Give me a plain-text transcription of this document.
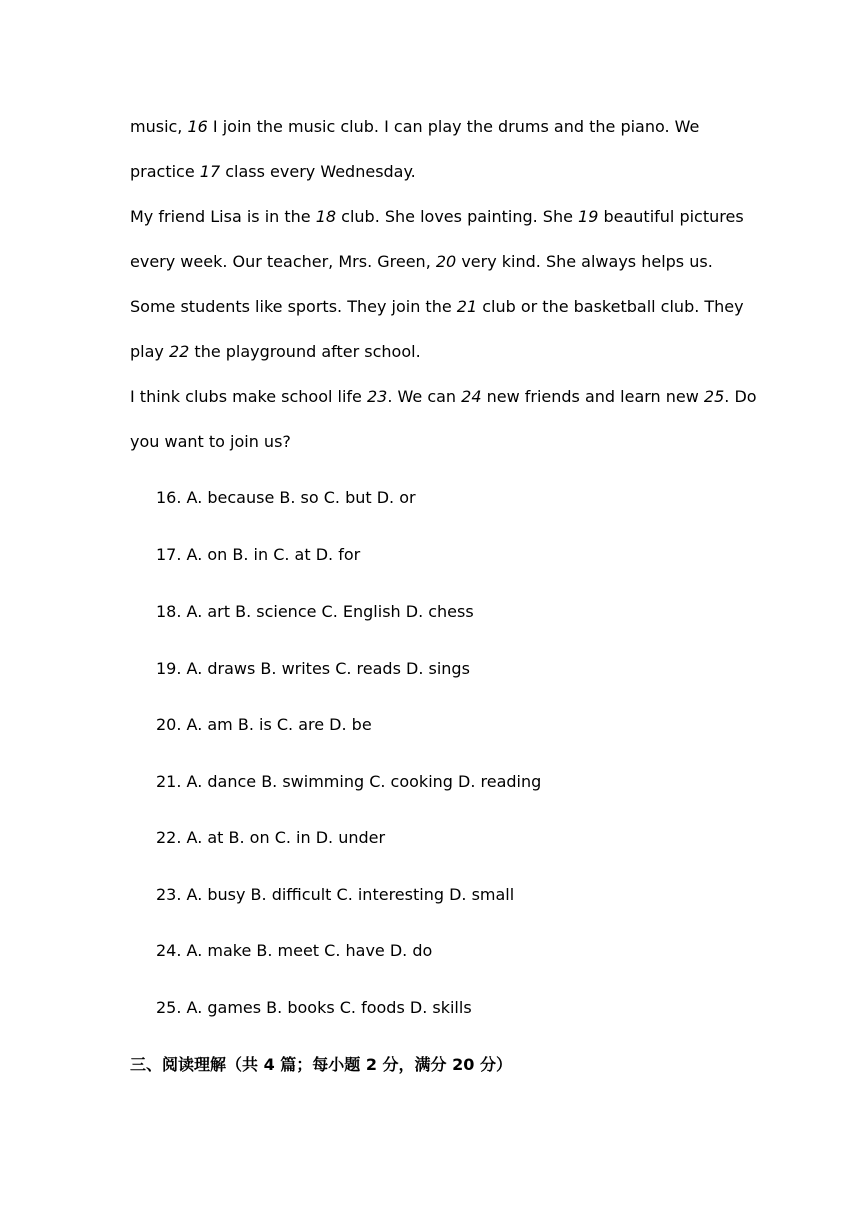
music, 16 I join the music club. I can play the drums and the piano. We
practice 17 class every Wednesday.
My friend Lisa is in the 18 club. She loves painting. She 19 beautiful pictures
every week. Our teacher, Mrs. Green, 20 very kind. She always helps us.
Some students like sports. They join the 21 club or the basketball club. They
play 22 the playground after school.
I think clubs make school life 23. We can 24 new friends and learn new 25. Do
you want to join us?
16. A. because B. so C. but D. or
17. A. on B. in C. at D. for
18. A. art B. science C. English D. chess
19. A. draws B. writes C. reads D. sings
20. A. am B. is C. are D. be
21. A. dance B. swimming C. cooking D. reading
22. A. at B. on C. in D. under
23. A. busy B. difficult C. interesting D. small
24. A. make B. meet C. have D. do
25. A. games B. books C. foods D. skills
三、阅读理解（共 4 篇；每小题 2 分，满分 20 分）
